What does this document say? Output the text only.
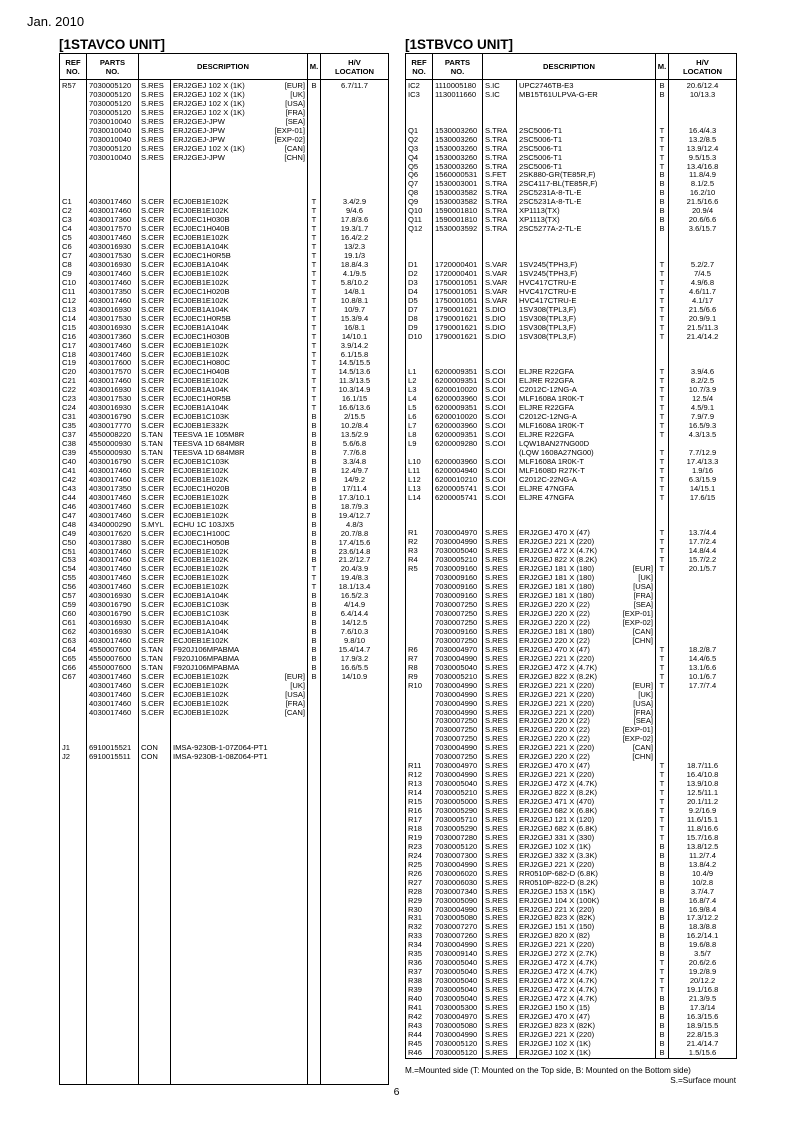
Jan. 2010
[1STAVCO UNIT]
REF
NO.	PARTS
NO.	DESCRIPTION		M.	H/V
LOCATION
R57	7030005120	S.RES	ERJ2GEJ 102 X (1K) [EUR]	B	6.7/11.7
	7030005120	S.RES	ERJ2GEJ 102 X (1K) [UK]		

	7030005120	S.RES	ERJ2GEJ 102 X (1K) [USA]		

	7030005120	S.RES	ERJ2GEJ 102 X (1K) [FRA]		

	7030010040	S.RES	ERJ2GEJ-JPW [SEA]		

	7030010040	S.RES	ERJ2GEJ-JPW [EXP-01]		

	7030010040	S.RES	ERJ2GEJ-JPW [EXP-02]		

	7030005120	S.RES	ERJ2GEJ 102 X (1K) [CAN]		

	7030010040	S.RES	ERJ2GEJ-JPW [CHN]		

C1	4030017460	S.CER	ECJ0EB1E102K	T	3.4/2.9
C2	4030017460	S.CER	ECJ0EB1E102K	T	9/4.6
C3	4030017360	S.CER	ECJ0EC1H030B	T	17.8/3.6
C4	4030017570	S.CER	ECJ0EC1H040B	T	19.3/1.7
C5	4030017460	S.CER	ECJ0EB1E102K	T	16.4/2.2
C6	4030016930	S.CER	ECJ0EB1A104K	T	13/2.3
C7	4030017530	S.CER	ECJ0EC1H0R5B	T	19.1/3
C8	4030016930	S.CER	ECJ0EB1A104K	T	18.8/4.3
C9	4030017460	S.CER	ECJ0EB1E102K	T	4.1/9.5
C10	4030017460	S.CER	ECJ0EB1E102K	T	5.8/10.2
C11	4030017350	S.CER	ECJ0EC1H020B	T	14/8.1
C12	4030017460	S.CER	ECJ0EB1E102K	T	10.8/8.1
C13	4030016930	S.CER	ECJ0EB1A104K	T	10/9.7
C14	4030017530	S.CER	ECJ0EC1H0R5B	T	15.3/9.4
C15	4030016930	S.CER	ECJ0EB1A104K	T	16/8.1
C16	4030017360	S.CER	ECJ0EC1H030B	T	14/10.1
C17	4030017460	S.CER	ECJ0EB1E102K	T	3.9/14.2
C18	4030017460	S.CER	ECJ0EB1E102K	T	6.1/15.8
C19	4030017600	S.CER	ECJ0EC1H080C	T	14.5/15.5
C20	4030017570	S.CER	ECJ0EC1H040B	T	14.5/13.6
C21	4030017460	S.CER	ECJ0EB1E102K	T	11.3/13.5
C22	4030016930	S.CER	ECJ0EB1A104K	T	10.3/14.9
C23	4030017530	S.CER	ECJ0EC1H0R5B	T	16.1/15
C24	4030016930	S.CER	ECJ0EB1A104K	T	16.6/13.6
C31	4030016790	S.CER	ECJ0EB1C103K	B	2/15.5
C35	4030017770	S.CER	ECJ0EB1E332K	B	10.2/8.4
C37	4550008220	S.TAN	TEESVA 1E 105M8R	B	13.5/2.9
C38	4550000930	S.TAN	TEESVA 1D 684M8R	B	5.6/6.8
C39	4550000930	S.TAN	TEESVA 1D 684M8R	B	7.7/6.8
C40	4030016790	S.CER	ECJ0EB1C103K	B	3.3/4.8
C41	4030017460	S.CER	ECJ0EB1E102K	B	12.4/9.7
C42	4030017460	S.CER	ECJ0EB1E102K	B	14/9.2
C43	4030017350	S.CER	ECJ0EC1H020B	B	17/11.4
C44	4030017460	S.CER	ECJ0EB1E102K	B	17.3/10.1
C46	4030017460	S.CER	ECJ0EB1E102K	B	18.7/9.3
C47	4030017460	S.CER	ECJ0EB1E102K	B	19.4/12.7
C48	4340000290	S.MYL	ECHU 1C 103JX5	B	4.8/3
C49	4030017620	S.CER	ECJ0EC1H100C	B	20.7/8.8
C50	4030017380	S.CER	ECJ0EC1H050B	B	17.4/15.6
C51	4030017460	S.CER	ECJ0EB1E102K	B	23.6/14.8
C53	4030017460	S.CER	ECJ0EB1E102K	B	21.2/12.7
C54	4030017460	S.CER	ECJ0EB1E102K	T	20.4/3.9
C55	4030017460	S.CER	ECJ0EB1E102K	T	19.4/8.3
C56	4030017460	S.CER	ECJ0EB1E102K	T	18.1/13.4
C57	4030016930	S.CER	ECJ0EB1A104K	B	16.5/2.3
C59	4030016790	S.CER	ECJ0EB1C103K	B	4/14.9
C60	4030016790	S.CER	ECJ0EB1C103K	B	6.4/14.4
C61	4030016930	S.CER	ECJ0EB1A104K	B	14/12.5
C62	4030016930	S.CER	ECJ0EB1A104K	B	7.6/10.3
C63	4030017460	S.CER	ECJ0EB1E102K	B	9.8/10
C64	4550007600	S.TAN	F920J106MPABMA	B	15.4/14.7
C65	4550007600	S.TAN	F920J106MPABMA	B	17.9/3.2
C66	4550007600	S.TAN	F920J106MPABMA	B	16.6/5.5
C67	4030017460	S.CER	ECJ0EB1E102K [EUR]	B	14/10.9
	4030017460	S.CER	ECJ0EB1E102K [UK]		

	4030017460	S.CER	ECJ0EB1E102K [USA]		

	4030017460	S.CER	ECJ0EB1E102K [FRA]		

	4030017460	S.CER	ECJ0EB1E102K [CAN]		

J1	6910015521	CON	IMSA-9230B-1-07Z064-PT1		
J2	6910015511	CON	IMSA-9230B-1-08Z064-PT1		

[1STBVCO UNIT]
REF
NO.	PARTS
NO.	DESCRIPTION		M.	H/V
LOCATION
IC2	1110005180	S.IC	UPC2746TB-E3	B	20.6/12.4
IC3	1130011660	S.IC	MB15T61ULPVA-G-ER	B	10/13.3

Q1	1530003260	S.TRA	2SC5006-T1	T	16.4/4.3
Q2	1530003260	S.TRA	2SC5006-T1	T	13.2/8.5
Q3	1530003260	S.TRA	2SC5006-T1	T	13.9/12.4
Q4	1530003260	S.TRA	2SC5006-T1	T	9.5/15.3
Q5	1530003260	S.TRA	2SC5006-T1	T	13.4/16.8
Q6	1560000531	S.FET	2SK880-GR(TE85R,F)	B	11.8/4.9
Q7	1530003001	S.TRA	2SC4117-BL(TE85R,F)	B	8.1/2.5
Q8	1530003582	S.TRA	2SC5231A-8-TL-E	B	16.2/10
Q9	1530003582	S.TRA	2SC5231A-8-TL-E	B	21.5/16.6
Q10	1590001810	S.TRA	XP1113(TX)	B	20.9/4
Q11	1590001810	S.TRA	XP1113(TX)	B	20.6/6.6
Q12	1530003592	S.TRA	2SC5277A-2-TL-E	B	3.6/15.7

D1	1720000401	S.VAR	1SV245(TPH3,F)	T	5.2/2.7
D2	1720000401	S.VAR	1SV245(TPH3,F)	T	7/4.5
D3	1750001051	S.VAR	HVC417CTRU-E	T	4.9/6.8
D4	1750001051	S.VAR	HVC417CTRU-E	T	4.6/11.7
D5	1750001051	S.VAR	HVC417CTRU-E	T	4.1/17
D7	1790001621	S.DIO	1SV308(TPL3,F)	T	21.5/6.6
D8	1790001621	S.DIO	1SV308(TPL3,F)	T	20.9/9.1
D9	1790001621	S.DIO	1SV308(TPL3,F)	T	21.5/11.3
D10	1790001621	S.DIO	1SV308(TPL3,F)	T	21.4/14.2

L1	6200009351	S.COI	ELJRE R22GFA	T	3.9/4.6
L2	6200009351	S.COI	ELJRE R22GFA	T	8.2/2.5
L3	6200010020	S.COI	C2012C-12NG-A	T	10.7/3.9
L4	6200003960	S.COI	MLF1608A 1R0K-T	T	12.5/4
L5	6200009351	S.COI	ELJRE R22GFA	T	4.5/9.1
L6	6200010020	S.COI	C2012C-12NG-A	T	7.9/7.9
L7	6200003960	S.COI	MLF1608A 1R0K-T	T	16.5/9.3
L8	6200009351	S.COI	ELJRE R22GFA	T	4.3/13.5
L9	6200009280	S.COI	LQW18AN27NG00D		
			(LQW 1608A27NG00)	T	7.7/12.9
L10	6200003960	S.COI	MLF1608A 1R0K-T	T	17.4/13.3
L11	6200004940	S.COI	MLF1608D R27K-T	T	1.9/16
L12	6200010210	S.COI	C2012C-22NG-A	T	6.3/15.9
L13	6200005741	S.COI	ELJRE 47NGFA	T	14/15.1
L14	6200005741	S.COI	ELJRE 47NGFA	T	17.6/15

R1	7030004970	S.RES	ERJ2GEJ 470 X (47)	T	13.7/4.4
R2	7030004990	S.RES	ERJ2GEJ 221 X (220)	T	17.7/2.4
R3	7030005040	S.RES	ERJ2GEJ 472 X (4.7K)	T	14.8/4.4
R4	7030005210	S.RES	ERJ2GEJ 822 X (8.2K)	T	15.7/2.2
R5	7030009160	S.RES	ERJ2GEJ 181 X (180) [EUR]	T	20.1/5.7
	7030009160	S.RES	ERJ2GEJ 181 X (180) [UK]		

	7030009160	S.RES	ERJ2GEJ 181 X (180) [USA]		

	7030009160	S.RES	ERJ2GEJ 181 X (180) [FRA]		

	7030007250	S.RES	ERJ2GEJ 220 X (22) [SEA]		

	7030007250	S.RES	ERJ2GEJ 220 X (22) [EXP-01]		

	7030007250	S.RES	ERJ2GEJ 220 X (22) [EXP-02]		

	7030009160	S.RES	ERJ2GEJ 181 X (180) [CAN]		

	7030007250	S.RES	ERJ2GEJ 220 X (22) [CHN]		

R6	7030004970	S.RES	ERJ2GEJ 470 X (47)	T	18.2/8.7
R7	7030004990	S.RES	ERJ2GEJ 221 X (220)	T	14.4/6.5
R8	7030005040	S.RES	ERJ2GEJ 472 X (4.7K)	T	13.1/6.6
R9	7030005210	S.RES	ERJ2GEJ 822 X (8.2K)	T	10.1/6.7
R10	7030004990	S.RES	ERJ2GEJ 221 X (220) [EUR]	T	17.7/7.4
	7030004990	S.RES	ERJ2GEJ 221 X (220) [UK]		

	7030004990	S.RES	ERJ2GEJ 221 X (220) [USA]		

	7030004990	S.RES	ERJ2GEJ 221 X (220) [FRA]		

	7030007250	S.RES	ERJ2GEJ 220 X (22) [SEA]		

	7030007250	S.RES	ERJ2GEJ 220 X (22) [EXP-01]		

	7030007250	S.RES	ERJ2GEJ 220 X (22) [EXP-02]		

	7030004990	S.RES	ERJ2GEJ 221 X (220) [CAN]		

	7030007250	S.RES	ERJ2GEJ 220 X (22) [CHN]		

R11	7030004970	S.RES	ERJ2GEJ 470 X (47)	T	18.7/11.6
R12	7030004990	S.RES	ERJ2GEJ 221 X (220)	T	16.4/10.8
R13	7030005040	S.RES	ERJ2GEJ 472 X (4.7K)	T	13.9/10.8
R14	7030005210	S.RES	ERJ2GEJ 822 X (8.2K)	T	12.5/11.1
R15	7030005000	S.RES	ERJ2GEJ 471 X (470)	T	20.1/11.2
R16	7030005290	S.RES	ERJ2GEJ 682 X (6.8K)	T	9.2/16.9
R17	7030005710	S.RES	ERJ2GEJ 121 X (120)	T	11.6/15.1
R18	7030005290	S.RES	ERJ2GEJ 682 X (6.8K)	T	11.8/16.6
R19	7030007280	S.RES	ERJ2GEJ 331 X (330)	T	15.7/16.8
R23	7030005120	S.RES	ERJ2GEJ 102 X (1K)	B	13.8/12.5
R24	7030007300	S.RES	ERJ2GEJ 332 X (3.3K)	B	11.2/7.4
R25	7030004990	S.RES	ERJ2GEJ 221 X (220)	B	13.8/4.2
R26	7030006020	S.RES	RR0510P-682-D (6.8K)	B	10.4/9
R27	7030006030	S.RES	RR0510P-822-D (8.2K)	B	10/2.8
R28	7030007340	S.RES	ERJ2GEJ 153 X (15K)	B	3.7/4.7
R29	7030005090	S.RES	ERJ2GEJ 104 X (100K)	B	16.8/7.4
R30	7030004990	S.RES	ERJ2GEJ 221 X (220)	B	16.9/8.4
R31	7030005080	S.RES	ERJ2GEJ 823 X (82K)	B	17.3/12.2
R32	7030007270	S.RES	ERJ2GEJ 151 X (150)	B	18.3/8.8
R33	7030007260	S.RES	ERJ2GEJ 820 X (82)	B	16.2/14.1
R34	7030004990	S.RES	ERJ2GEJ 221 X (220)	B	19.6/8.8
R35	7030009140	S.RES	ERJ2GEJ 272 X (2.7K)	B	3.5/7
R36	7030005040	S.RES	ERJ2GEJ 472 X (4.7K)	T	20.6/2.6
R37	7030005040	S.RES	ERJ2GEJ 472 X (4.7K)	T	19.2/8.9
R38	7030005040	S.RES	ERJ2GEJ 472 X (4.7K)	T	20/12.2
R39	7030005040	S.RES	ERJ2GEJ 472 X (4.7K)	T	19.1/16.8
R40	7030005040	S.RES	ERJ2GEJ 472 X (4.7K)	B	21.3/9.5
R41	7030005300	S.RES	ERJ2GEJ 150 X (15)	B	17.3/14
R42	7030004970	S.RES	ERJ2GEJ 470 X (47)	B	16.3/15.6
R43	7030005080	S.RES	ERJ2GEJ 823 X (82K)	B	18.9/15.5
R44	7030004990	S.RES	ERJ2GEJ 221 X (220)	B	22.8/15.3
R45	7030005120	S.RES	ERJ2GEJ 102 X (1K)	B	21.4/14.7
R46	7030005120	S.RES	ERJ2GEJ 102 X (1K)	B	1.5/15.6
M.=Mounted side (T: Mounted on the Top side, B: Mounted on the Bottom side)
S.=Surface mount
6
